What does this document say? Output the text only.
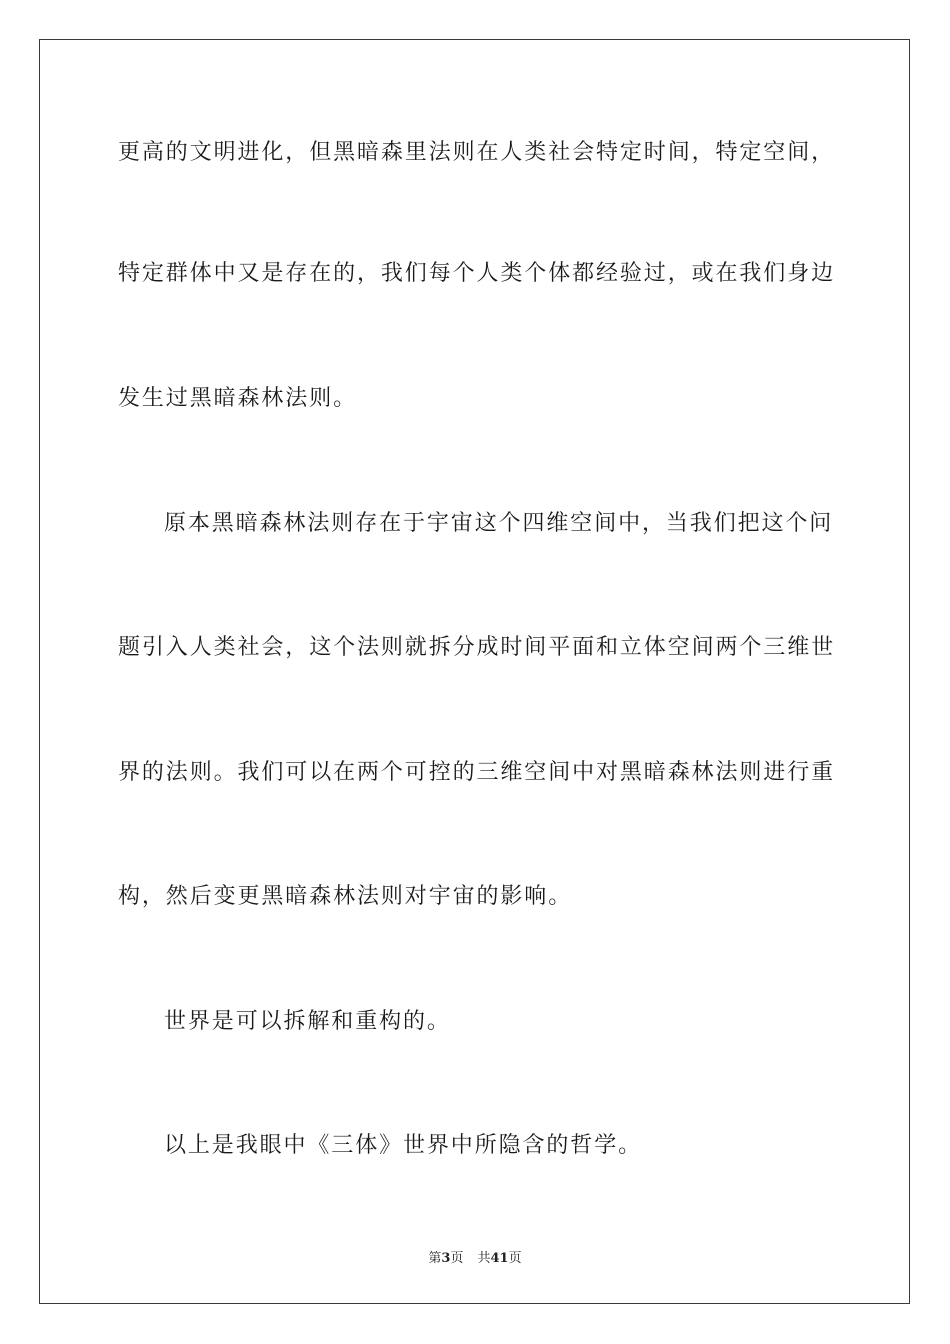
更高的文明进化，但黑暗森里法则在人类社会特定时间，特定空间，
特定群体中又是存在的，我们每个人类个体都经验过，或在我们身边
发生过黑暗森林法则。
原本黑暗森林法则存在于宇宙这个四维空间中，当我们把这个问
题引入人类社会，这个法则就拆分成时间平面和立体空间两个三维世
界的法则。我们可以在两个可控的三维空间中对黑暗森林法则进行重
构，然后变更黑暗森林法则对宇宙的影响。
世界是可以拆解和重构的。
以上是我眼中《三体》世界中所隐含的哲学。
第3页 共41页
